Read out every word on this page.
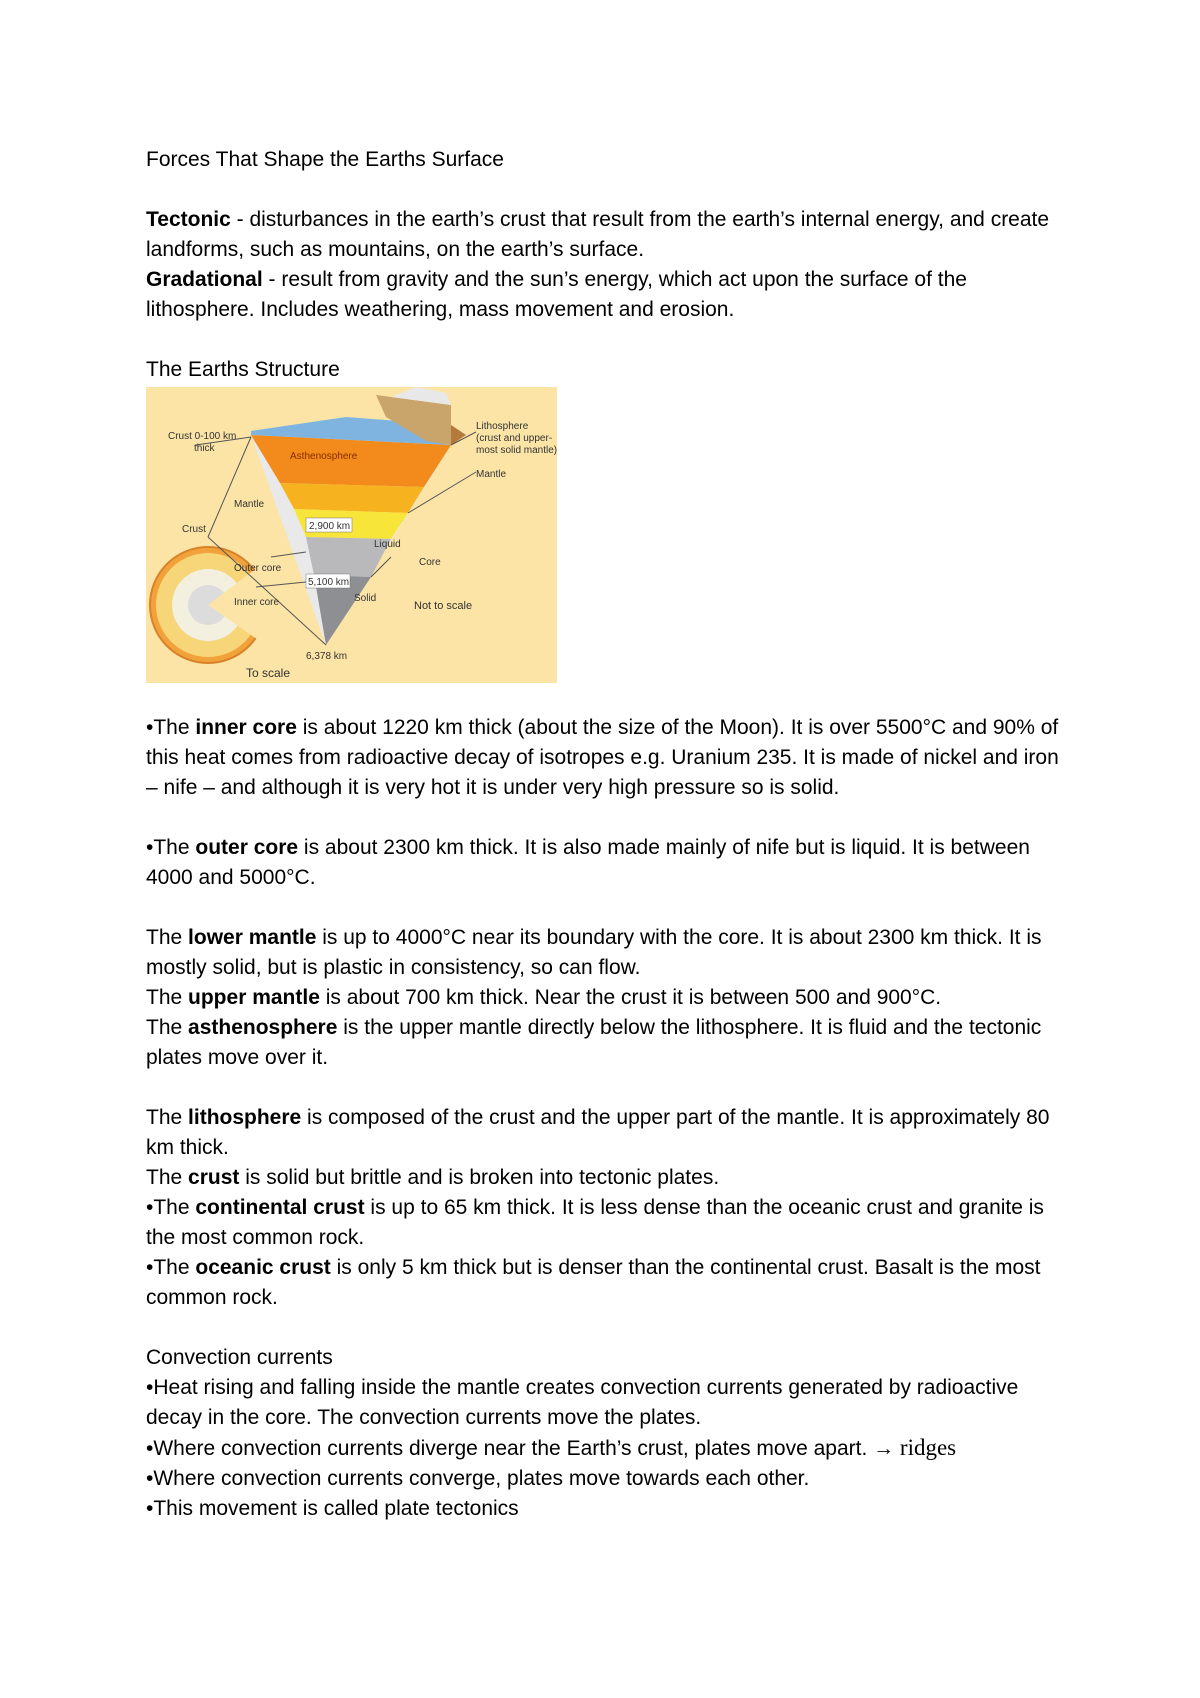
Forces That Shape the Earths Surface

Tectonic - disturbances in the earth’s crust that result from the earth’s internal energy, and create landforms, such as mountains, on the earth’s surface.

Gradational - result from gravity and the sun’s energy, which act upon the surface of the lithosphere. Includes weathering, mass movement and erosion.

The Earths Structure

Crust 0-100 km
thick
Lithosphere
(crust and upper-
most solid mantle)
Asthenosphere
Mantle
Mantle
Crust	2,900 km
Liquid
Outer core
Core
5,100 km
Solid
Inner core	Not to scale
6,378 km
To scale

•The inner core is about 1220 km thick (about the size of the Moon). It is over 5500°C and 90% of this heat comes from radioactive decay of isotropes e.g. Uranium 235. It is made of nickel and iron – nife – and although it is very hot it is under very high pressure so is solid.

•The outer core is about 2300 km thick. It is also made mainly of nife but is liquid. It is between 4000 and 5000°C.

The lower mantle is up to 4000°C near its boundary with the core. It is about 2300 km thick. It is mostly solid, but is plastic in consistency, so can flow.

The upper mantle is about 700 km thick. Near the crust it is between 500 and 900°C.

The asthenosphere is the upper mantle directly below the lithosphere. It is fluid and the tectonic plates move over it.

The lithosphere is composed of the crust and the upper part of the mantle. It is approximately 80 km thick.

The crust is solid but brittle and is broken into tectonic plates.

•The continental crust is up to 65 km thick. It is less dense than the oceanic crust and granite is the most common rock.

•The oceanic crust is only 5 km thick but is denser than the continental crust. Basalt is the most common rock.

Convection currents

•Heat rising and falling inside the mantle creates convection currents generated by radioactive decay in the core. The convection currents move the plates.

•Where convection currents diverge near the Earth’s crust, plates move apart. → ridges

•Where convection currents converge, plates move towards each other.

•This movement is called plate tectonics
